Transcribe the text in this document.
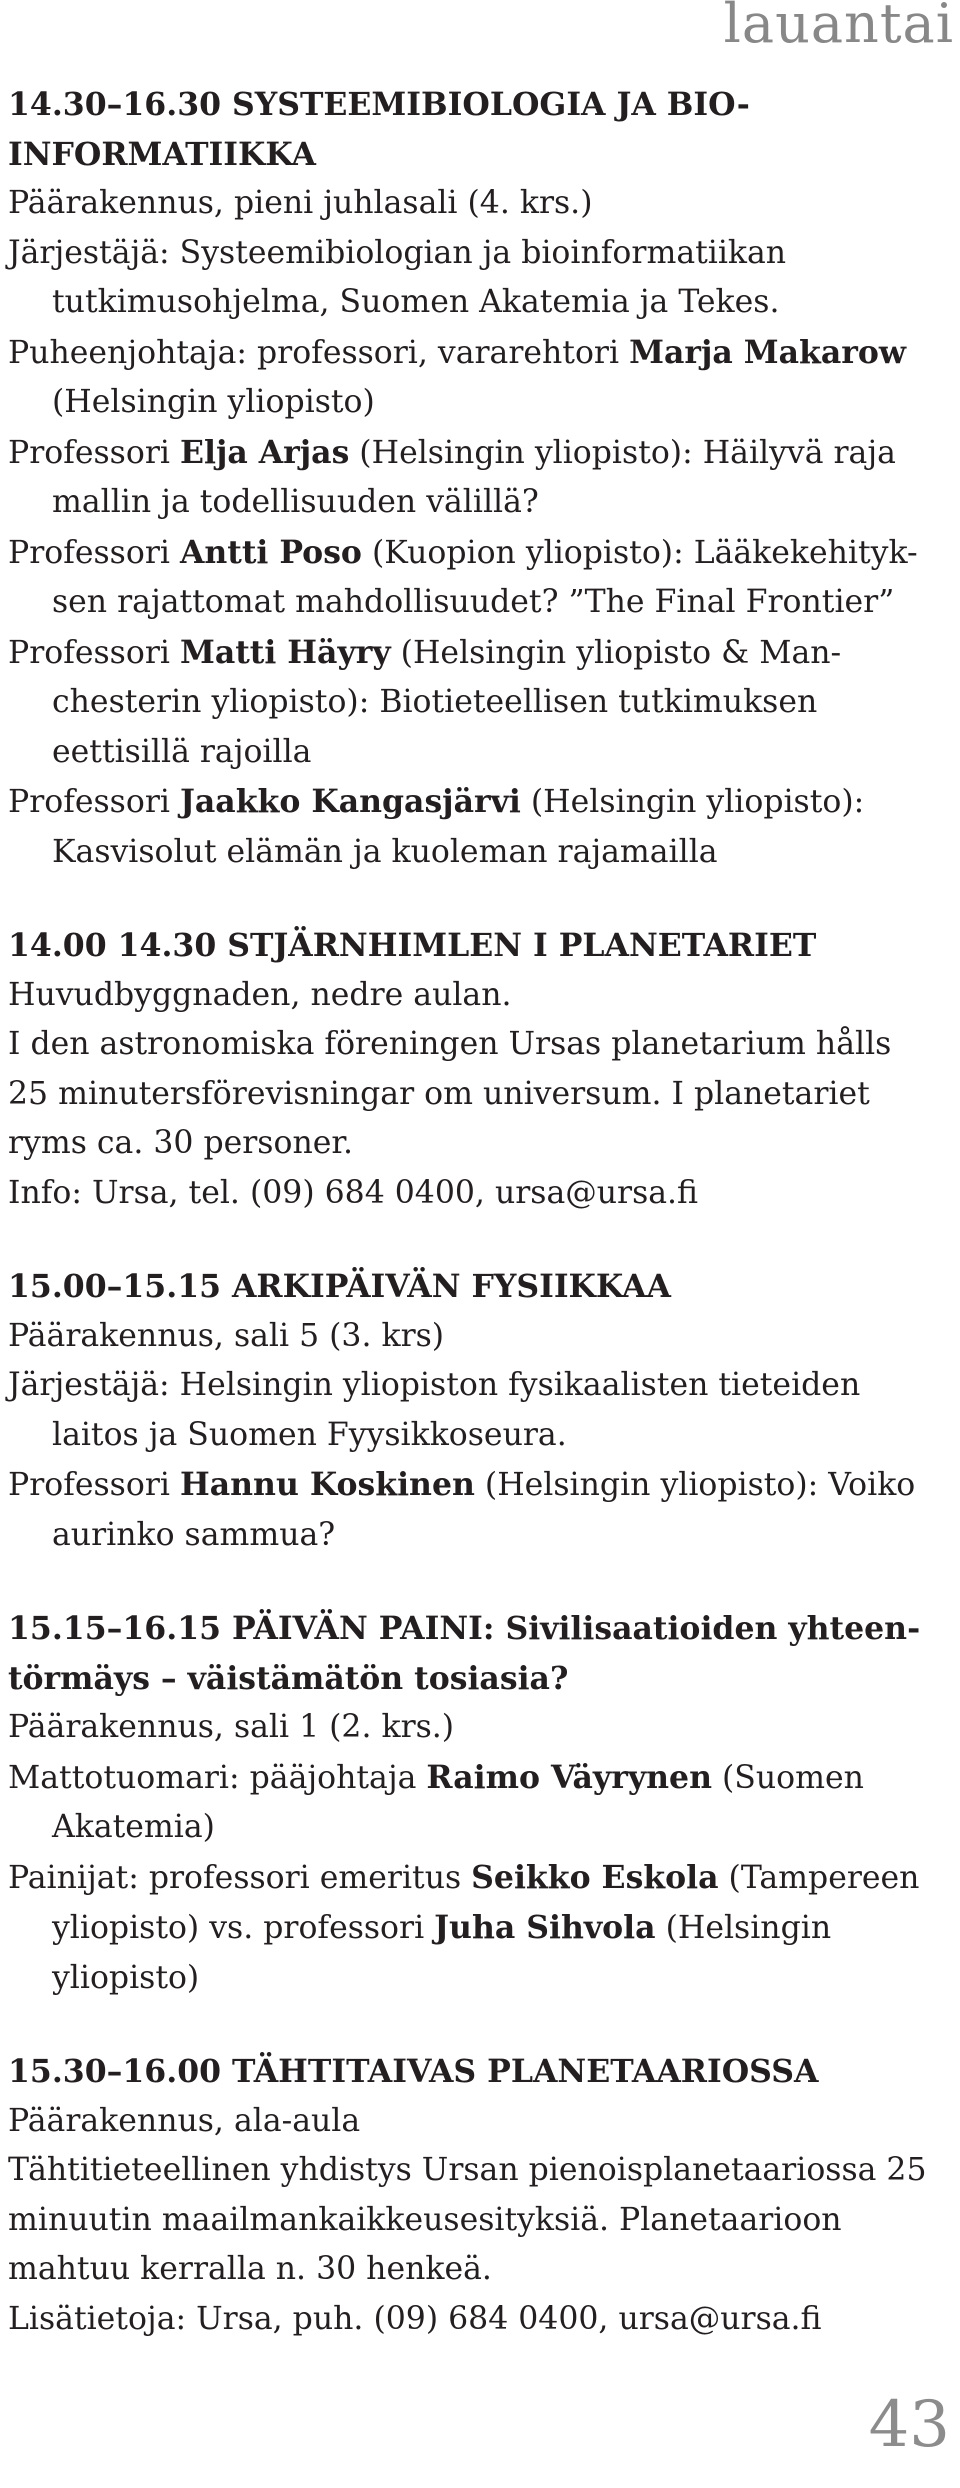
lauantai
14.30–16.30 SYSTEEMIBIOLOGIA JA BIO-
INFORMATIIKKA
Päärakennus, pieni juhlasali (4. krs.)
Järjestäjä: Systeemibiologian ja bioinformatiikan
tutkimusohjelma, Suomen Akatemia ja Tekes.
Puheenjohtaja: professori, vararehtori Marja Makarow
(Helsingin yliopisto)
Professori Elja Arjas (Helsingin yliopisto): Häilyvä raja
mallin ja todellisuuden välillä?
Professori Antti Poso (Kuopion yliopisto): Lääkekehityk-
sen rajattomat mahdollisuudet? ”The Final Frontier”
Professori Matti Häyry (Helsingin yliopisto & Man-
chesterin yliopisto): Biotieteellisen tutkimuksen
eettisillä rajoilla
Professori Jaakko Kangasjärvi (Helsingin yliopisto):
Kasvisolut elämän ja kuoleman rajamailla
14.00 14.30 STJÄRNHIMLEN I PLANETARIET
Huvudbyggnaden, nedre aulan.
I den astronomiska föreningen Ursas planetarium hålls
25 minutersförevisningar om universum. I planetariet
ryms ca. 30 personer.
Info: Ursa, tel. (09) 684 0400, ursa@ursa.fi
15.00–15.15 ARKIPÄIVÄN FYSIIKKAA
Päärakennus, sali 5 (3. krs)
Järjestäjä: Helsingin yliopiston fysikaalisten tieteiden
laitos ja Suomen Fyysikkoseura.
Professori Hannu Koskinen (Helsingin yliopisto): Voiko
aurinko sammua?
15.15–16.15 PÄIVÄN PAINI: Sivilisaatioiden yhteen-
törmäys – väistämätön tosiasia?
Päärakennus, sali 1 (2. krs.)
Mattotuomari: pääjohtaja Raimo Väyrynen (Suomen
Akatemia)
Painijat: professori emeritus Seikko Eskola (Tampereen
yliopisto) vs. professori Juha Sihvola (Helsingin
yliopisto)
15.30–16.00 TÄHTITAIVAS PLANETAARIOSSA
Päärakennus, ala-aula
Tähtitieteellinen yhdistys Ursan pienoisplanetaariossa 25
minuutin maailmankaikkeusesityksiä. Planetaarioon
mahtuu kerralla n. 30 henkeä.
Lisätietoja: Ursa, puh. (09) 684 0400, ursa@ursa.fi
43
